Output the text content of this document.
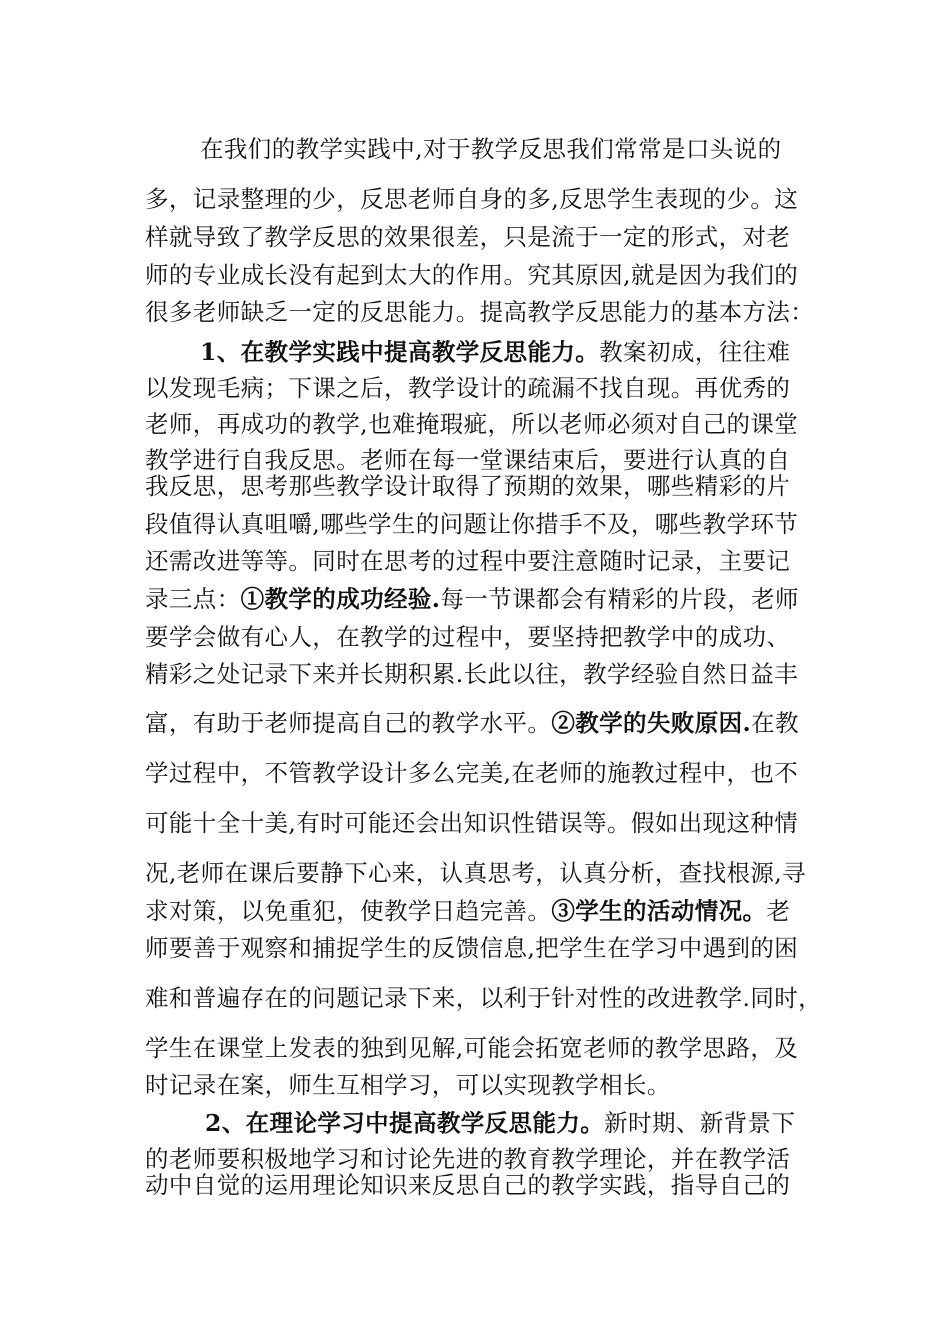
在我们的教学实践中,对于教学反思我们常常是口头说的
多，记录整理的少，反思老师自身的多,反思学生表现的少。这
样就导致了教学反思的效果很差，只是流于一定的形式，对老
师的专业成长没有起到太大的作用。究其原因,就是因为我们的
很多老师缺乏一定的反思能力。提高教学反思能力的基本方法：
1、在教学实践中提高教学反思能力。教案初成，往往难
以发现毛病；下课之后，教学设计的疏漏不找自现。再优秀的
老师，再成功的教学,也难掩瑕疵，所以老师必须对自己的课堂
教学进行自我反思。老师在每一堂课结束后，要进行认真的自
我反思，思考那些教学设计取得了预期的效果，哪些精彩的片
段值得认真咀嚼,哪些学生的问题让你措手不及，哪些教学环节
还需改进等等。同时在思考的过程中要注意随时记录，主要记
录三点：①教学的成功经验.每一节课都会有精彩的片段，老师
要学会做有心人，在教学的过程中，要坚持把教学中的成功、
精彩之处记录下来并长期积累.长此以往，教学经验自然日益丰
富，有助于老师提高自己的教学水平。②教学的失败原因.在教
学过程中，不管教学设计多么完美,在老师的施教过程中，也不
可能十全十美,有时可能还会出知识性错误等。假如出现这种情
况,老师在课后要静下心来，认真思考，认真分析，查找根源,寻
求对策，以免重犯，使教学日趋完善。③学生的活动情况。老
师要善于观察和捕捉学生的反馈信息,把学生在学习中遇到的困
难和普遍存在的问题记录下来，以利于针对性的改进教学.同时，
学生在课堂上发表的独到见解,可能会拓宽老师的教学思路，及
时记录在案，师生互相学习，可以实现教学相长。
2、在理论学习中提高教学反思能力。新时期、新背景下
的老师要积极地学习和讨论先进的教育教学理论，并在教学活
动中自觉的运用理论知识来反思自己的教学实践，指导自己的
